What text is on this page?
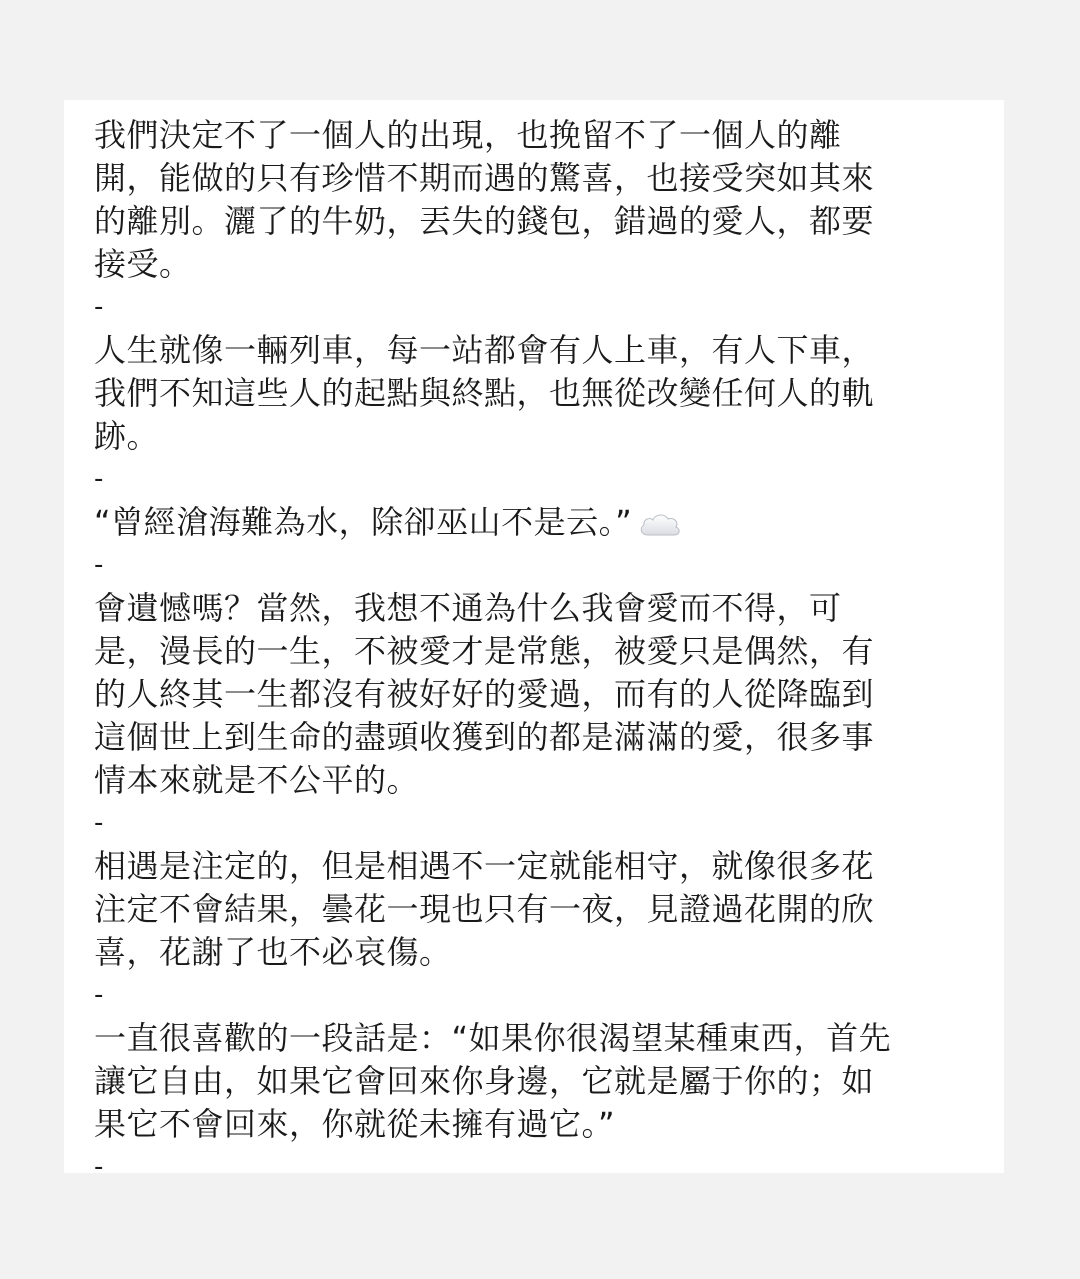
我們決定不了一個人的出現，也挽留不了一個人的離
開，能做的只有珍惜不期而遇的驚喜，也接受突如其來
的離別。灑了的牛奶，丟失的錢包，錯過的愛人，都要
接受。
-
人生就像一輛列車，每一站都會有人上車，有人下車，
我們不知這些人的起點與終點，也無從改變任何人的軌
跡。
-
“曾經滄海難為水，除卻巫山不是云。”
-
會遺憾嗎？當然，我想不通為什么我會愛而不得，可
是，漫長的一生，不被愛才是常態，被愛只是偶然，有
的人終其一生都沒有被好好的愛過，而有的人從降臨到
這個世上到生命的盡頭收獲到的都是滿滿的愛，很多事
情本來就是不公平的。
-
相遇是注定的，但是相遇不一定就能相守，就像很多花
注定不會結果，曇花一現也只有一夜，見證過花開的欣
喜，花謝了也不必哀傷。
-
一直很喜歡的一段話是：“如果你很渴望某種東西，首先
讓它自由，如果它會回來你身邊，它就是屬于你的；如
果它不會回來，你就從未擁有過它。”
-
